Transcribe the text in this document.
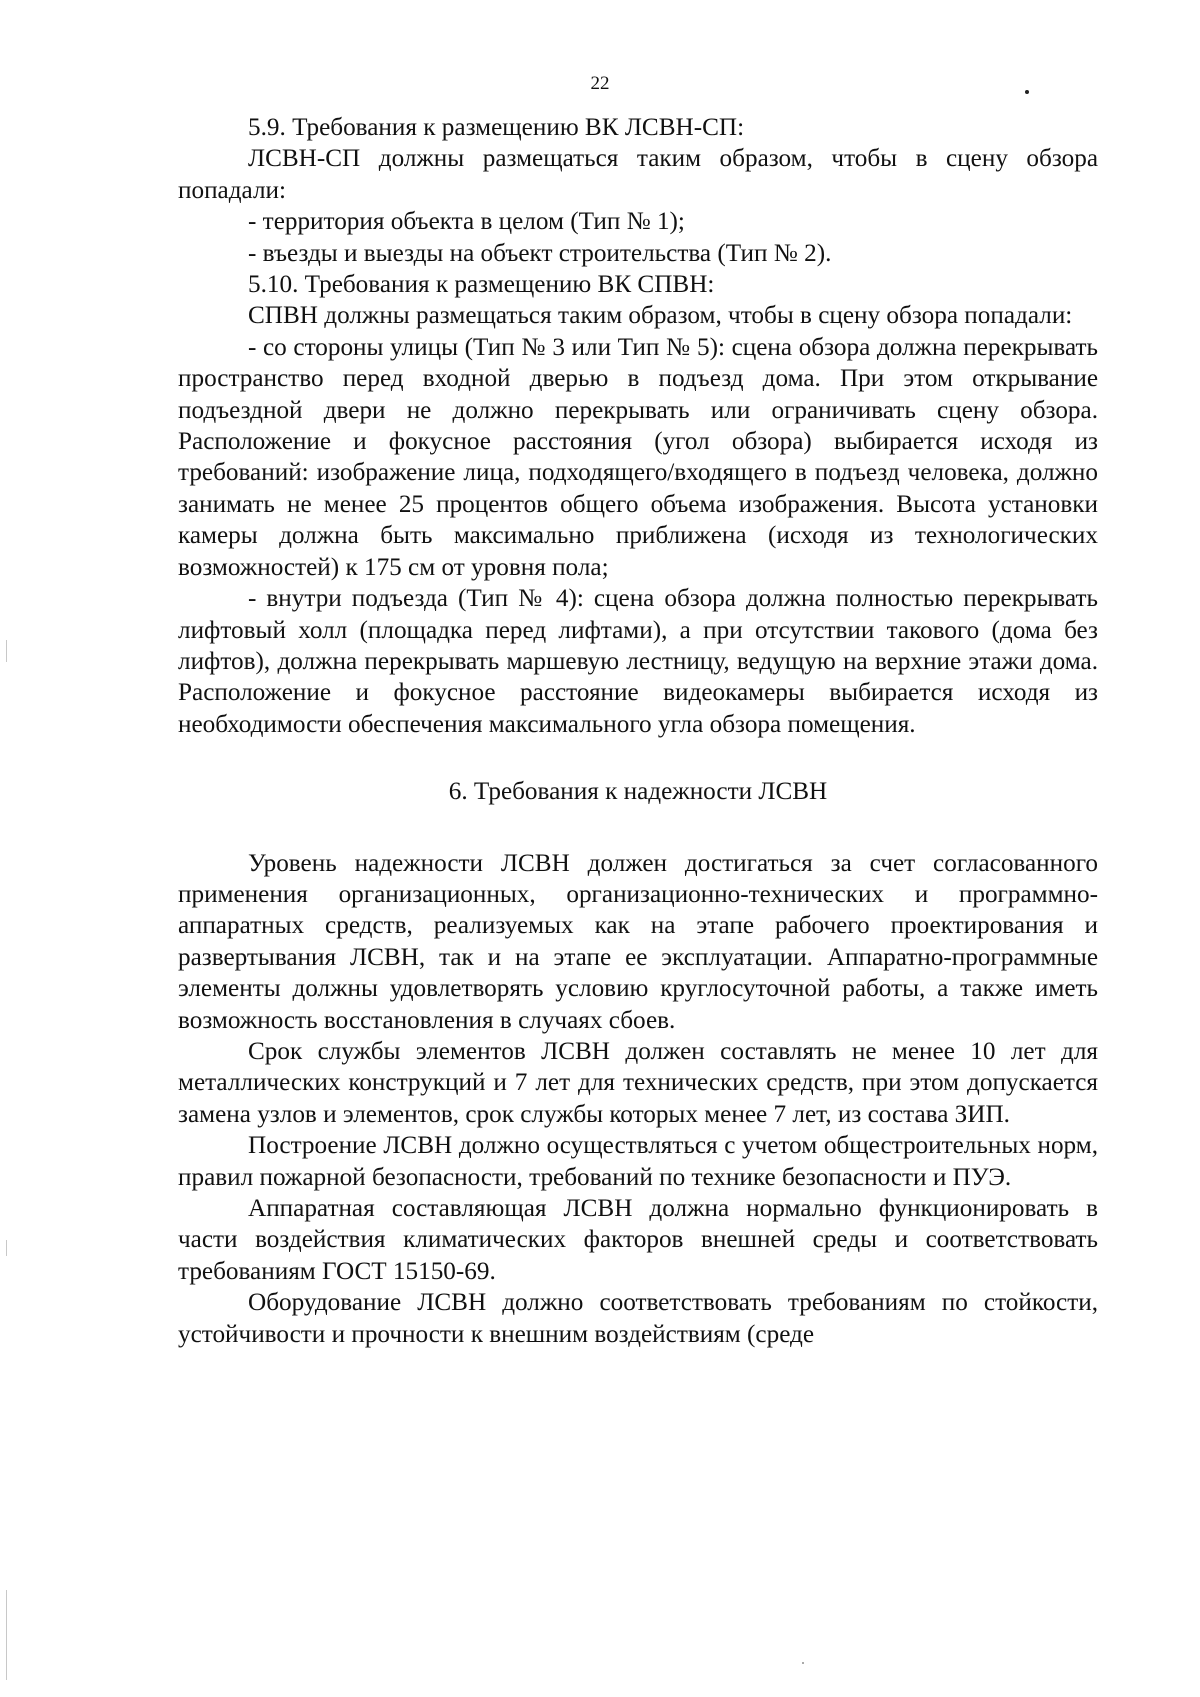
22

5.9. Требования к размещению ВК ЛСВН-СП:

ЛСВН-СП должны размещаться таким образом, чтобы в сцену обзора попадали:

- территория объекта в целом (Тип № 1);

- въезды и выезды на объект строительства (Тип № 2).

5.10. Требования к размещению ВК СПВН:

СПВН должны размещаться таким образом, чтобы в сцену обзора попадали:

- со стороны улицы (Тип № 3 или Тип № 5): сцена обзора должна перекрывать пространство перед входной дверью в подъезд дома. При этом открывание подъездной двери не должно перекрывать или ограничивать сцену обзора. Расположение и фокусное расстояния (угол обзора) выбирается исходя из требований: изображение лица, подходящего/входящего в подъезд человека, должно занимать не менее 25 процентов общего объема изображения. Высота установки камеры должна быть максимально приближена (исходя из технологических возможностей) к 175 см от уровня пола;

- внутри подъезда (Тип № 4): сцена обзора должна полностью перекрывать лифтовый холл (площадка перед лифтами), а при отсутствии такового (дома без лифтов), должна перекрывать маршевую лестницу, ведущую на верхние этажи дома. Расположение и фокусное расстояние видеокамеры выбирается исходя из необходимости обеспечения максимального угла обзора помещения.

6. Требования к надежности ЛСВН

Уровень надежности ЛСВН должен достигаться за счет согласованного применения организационных, организационно-технических и программно-аппаратных средств, реализуемых как на этапе рабочего проектирования и развертывания ЛСВН, так и на этапе ее эксплуатации. Аппаратно-программные элементы должны удовлетворять условию круглосуточной работы, а также иметь возможность восстановления в случаях сбоев.

Срок службы элементов ЛСВН должен составлять не менее 10 лет для металлических конструкций и 7 лет для технических средств, при этом допускается замена узлов и элементов, срок службы которых менее 7 лет, из состава ЗИП.

Построение ЛСВН должно осуществляться с учетом общестроительных норм, правил пожарной безопасности, требований по технике безопасности и ПУЭ.

Аппаратная составляющая ЛСВН должна нормально функционировать в части воздействия климатических факторов внешней среды и соответствовать требованиям ГОСТ 15150-69.

Оборудование ЛСВН должно соответствовать требованиям по стойкости, устойчивости и прочности к внешним воздействиям (среде
